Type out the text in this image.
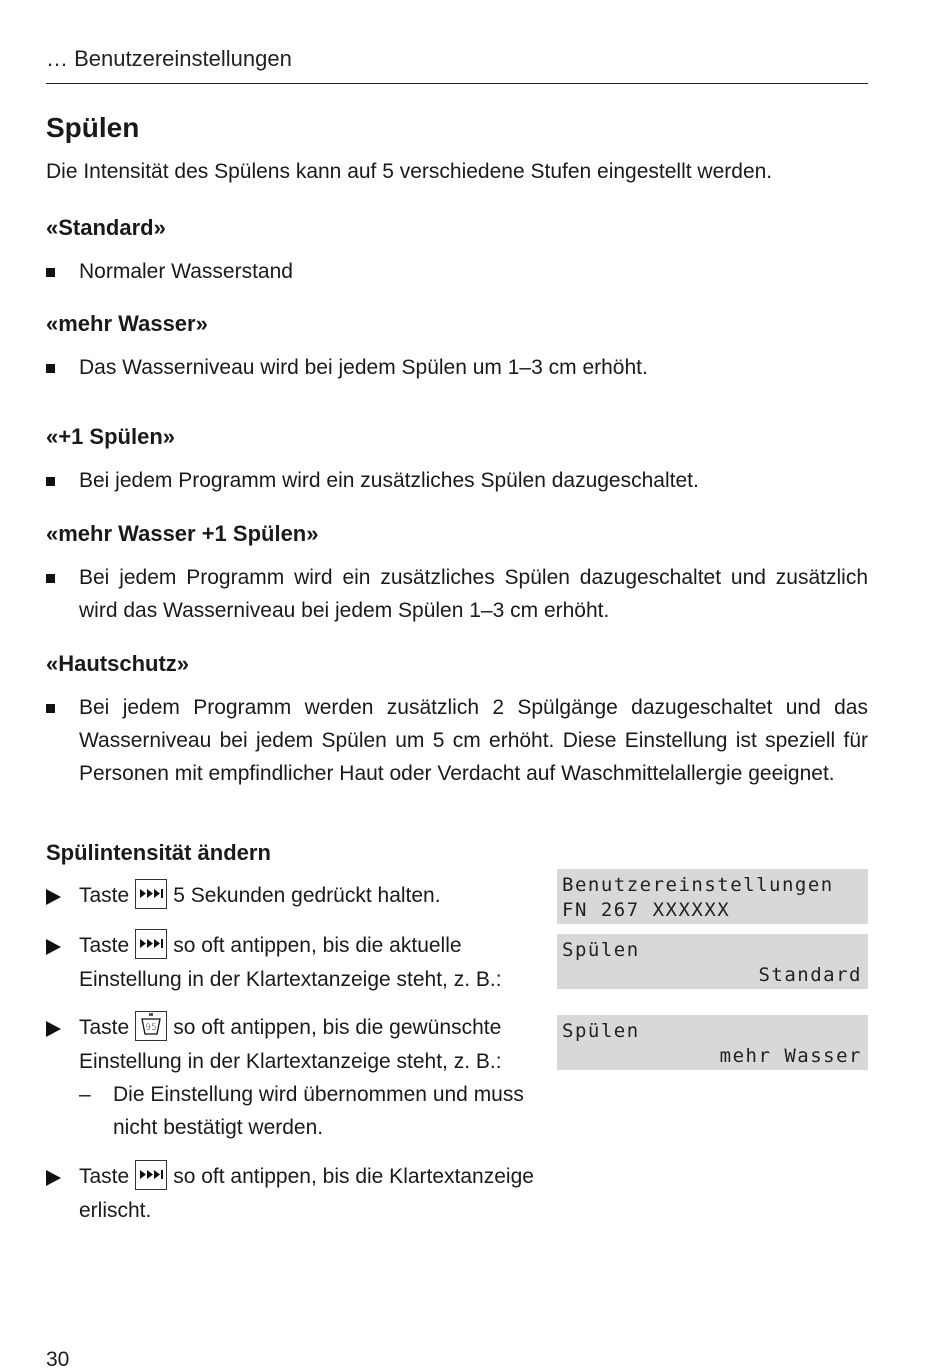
… Benutzereinstellungen
Spülen
Die Intensität des Spülens kann auf 5 verschiedene Stufen eingestellt werden.
«Standard»
Normaler Wasserstand
«mehr Wasser»
Das Wasserniveau wird bei jedem Spülen um 1–3 cm erhöht.
«+1 Spülen»
Bei jedem Programm wird ein zusätzliches Spülen dazugeschaltet.
«mehr Wasser +1 Spülen»
Bei jedem Programm wird ein zusätzliches Spülen dazugeschaltet und zusätzlich wird das Wasserniveau bei jedem Spülen 1–3 cm erhöht.
«Hautschutz»
Bei jedem Programm werden zusätzlich 2 Spülgänge dazugeschaltet und das Wasserniveau bei jedem Spülen um 5 cm erhöht. Diese Einstellung ist speziell für Personen mit empfindlicher Haut oder Verdacht auf Waschmittelallergie geeignet.
Spülintensität ändern
Taste 5 Sekunden gedrückt halten.
Taste so oft antippen, bis die aktuelle Einstellung in der Klartextanzeige steht, z. B.:
Taste 95 so oft antippen, bis die gewünschte Einstellung in der Klartextanzeige steht, z. B.:
– Die Einstellung wird übernommen und muss nicht bestätigt werden.
Taste so oft antippen, bis die Klartextanzeige erlischt.
Benutzereinstellungen
FN 267 XXXXXX
Spülen
Standard
Spülen
mehr Wasser
30
